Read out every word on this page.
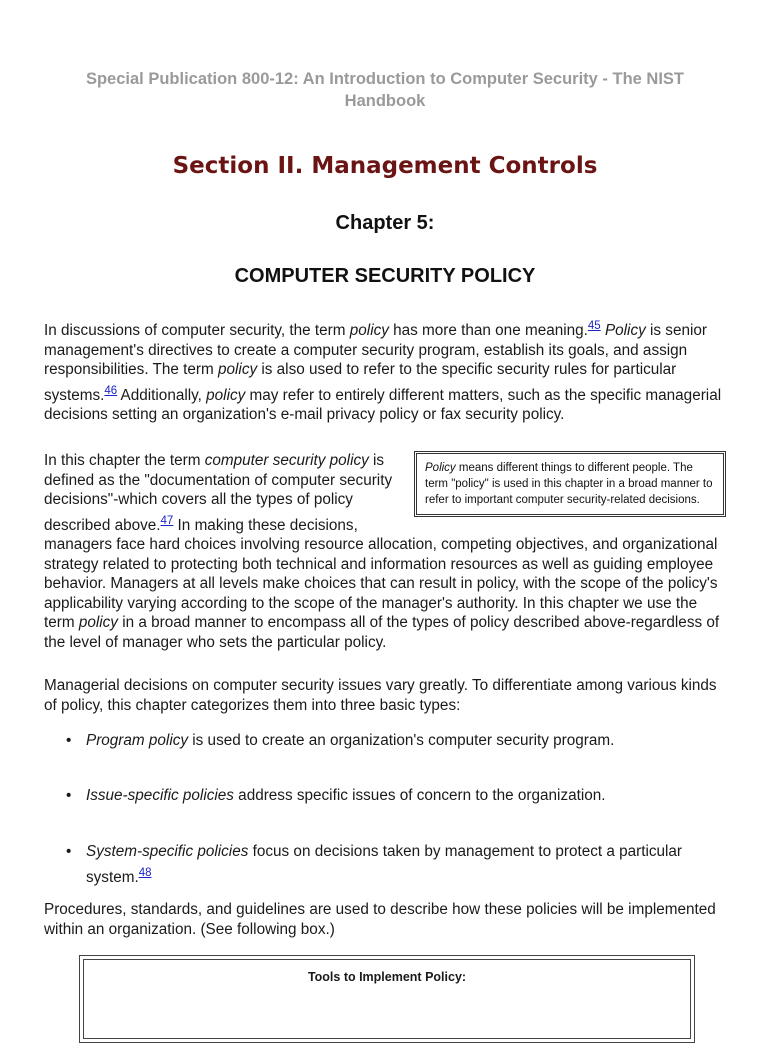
Special Publication 800-12: An Introduction to Computer Security - The NIST Handbook
Section II. Management Controls
Chapter 5:
COMPUTER SECURITY POLICY

In discussions of computer security, the term policy has more than one meaning.$^{45}$ Policy is senior management's directives to create a computer security program, establish its goals, and assign responsibilities. The term policy is also used to refer to the specific security rules for particular systems.$^{46}$ Additionally, policy may refer to entirely different matters, such as the specific managerial decisions setting an organization's e-mail privacy policy or fax security policy.

Policy means different things to different people. The term "policy" is used in this chapter in a broad manner to refer to important computer security-related decisions.
In this chapter the term computer security policy is defined as the "documentation of computer security decisions"-which covers all the types of policy described above.$^{47}$ In making these decisions, managers face hard choices involving resource allocation, competing objectives, and organizational strategy related to protecting both technical and information resources as well as guiding employee behavior. Managers at all levels make choices that can result in policy, with the scope of the policy's applicability varying according to the scope of the manager's authority. In this chapter we use the term policy in a broad manner to encompass all of the types of policy described above-regardless of the level of manager who sets the particular policy.

Managerial decisions on computer security issues vary greatly. To differentiate among various kinds of policy, this chapter categorizes them into three basic types:

• Program policy is used to create an organization's computer security program.
• Issue-specific policies address specific issues of concern to the organization.
• System-specific policies focus on decisions taken by management to protect a particular system.$^{48}$

Procedures, standards, and guidelines are used to describe how these policies will be implemented within an organization. (See following box.)

Tools to Implement Policy:
